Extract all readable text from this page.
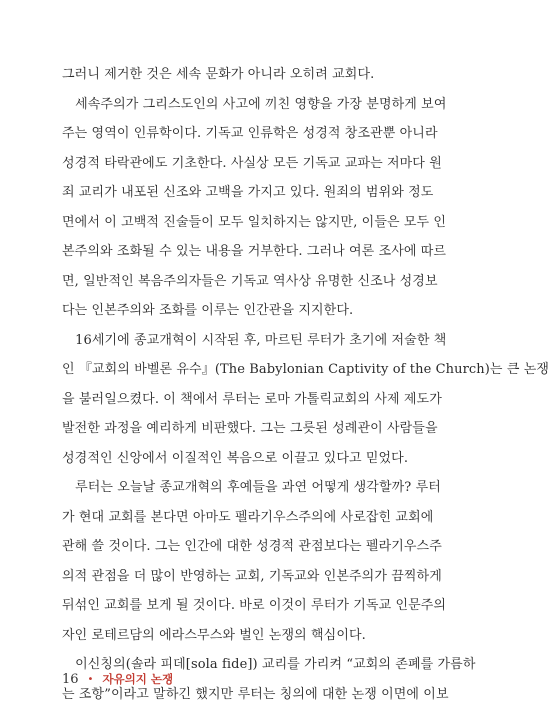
그러니 제거한 것은 세속 문화가 아니라 오히려 교회다.
　세속주의가 그리스도인의 사고에 끼친 영향을 가장 분명하게 보여
주는 영역이 인류학이다. 기독교 인류학은 성경적 창조관뿐 아니라
성경적 타락관에도 기초한다. 사실상 모든 기독교 교파는 저마다 원
죄 교리가 내포된 신조와 고백을 가지고 있다. 원죄의 범위와 정도
면에서 이 고백적 진술들이 모두 일치하지는 않지만, 이들은 모두 인
본주의와 조화될 수 있는 내용을 거부한다. 그러나 여론 조사에 따르
면, 일반적인 복음주의자들은 기독교 역사상 유명한 신조나 성경보
다는 인본주의와 조화를 이루는 인간관을 지지한다.
　16세기에 종교개혁이 시작된 후, 마르틴 루터가 초기에 저술한 책
인 『교회의 바벨론 유수』(The Babylonian Captivity of the Church)는 큰 논쟁
을 불러일으켰다. 이 책에서 루터는 로마 가톨릭교회의 사제 제도가
발전한 과정을 예리하게 비판했다. 그는 그릇된 성례관이 사람들을
성경적인 신앙에서 이질적인 복음으로 이끌고 있다고 믿었다.
　루터는 오늘날 종교개혁의 후예들을 과연 어떻게 생각할까? 루터
가 현대 교회를 본다면 아마도 펠라기우스주의에 사로잡힌 교회에
관해 쓸 것이다. 그는 인간에 대한 성경적 관점보다는 펠라기우스주
의적 관점을 더 많이 반영하는 교회, 기독교와 인본주의가 끔찍하게
뒤섞인 교회를 보게 될 것이다. 바로 이것이 루터가 기독교 인문주의
자인 로테르담의 에라스무스와 벌인 논쟁의 핵심이다.
　이신칭의(솔라 피데[sola fide]) 교리를 가리켜 “교회의 존폐를 가름하
는 조항”이라고 말하긴 했지만 루터는 칭의에 대한 논쟁 이면에 이보
16 • 자유의지 논쟁
